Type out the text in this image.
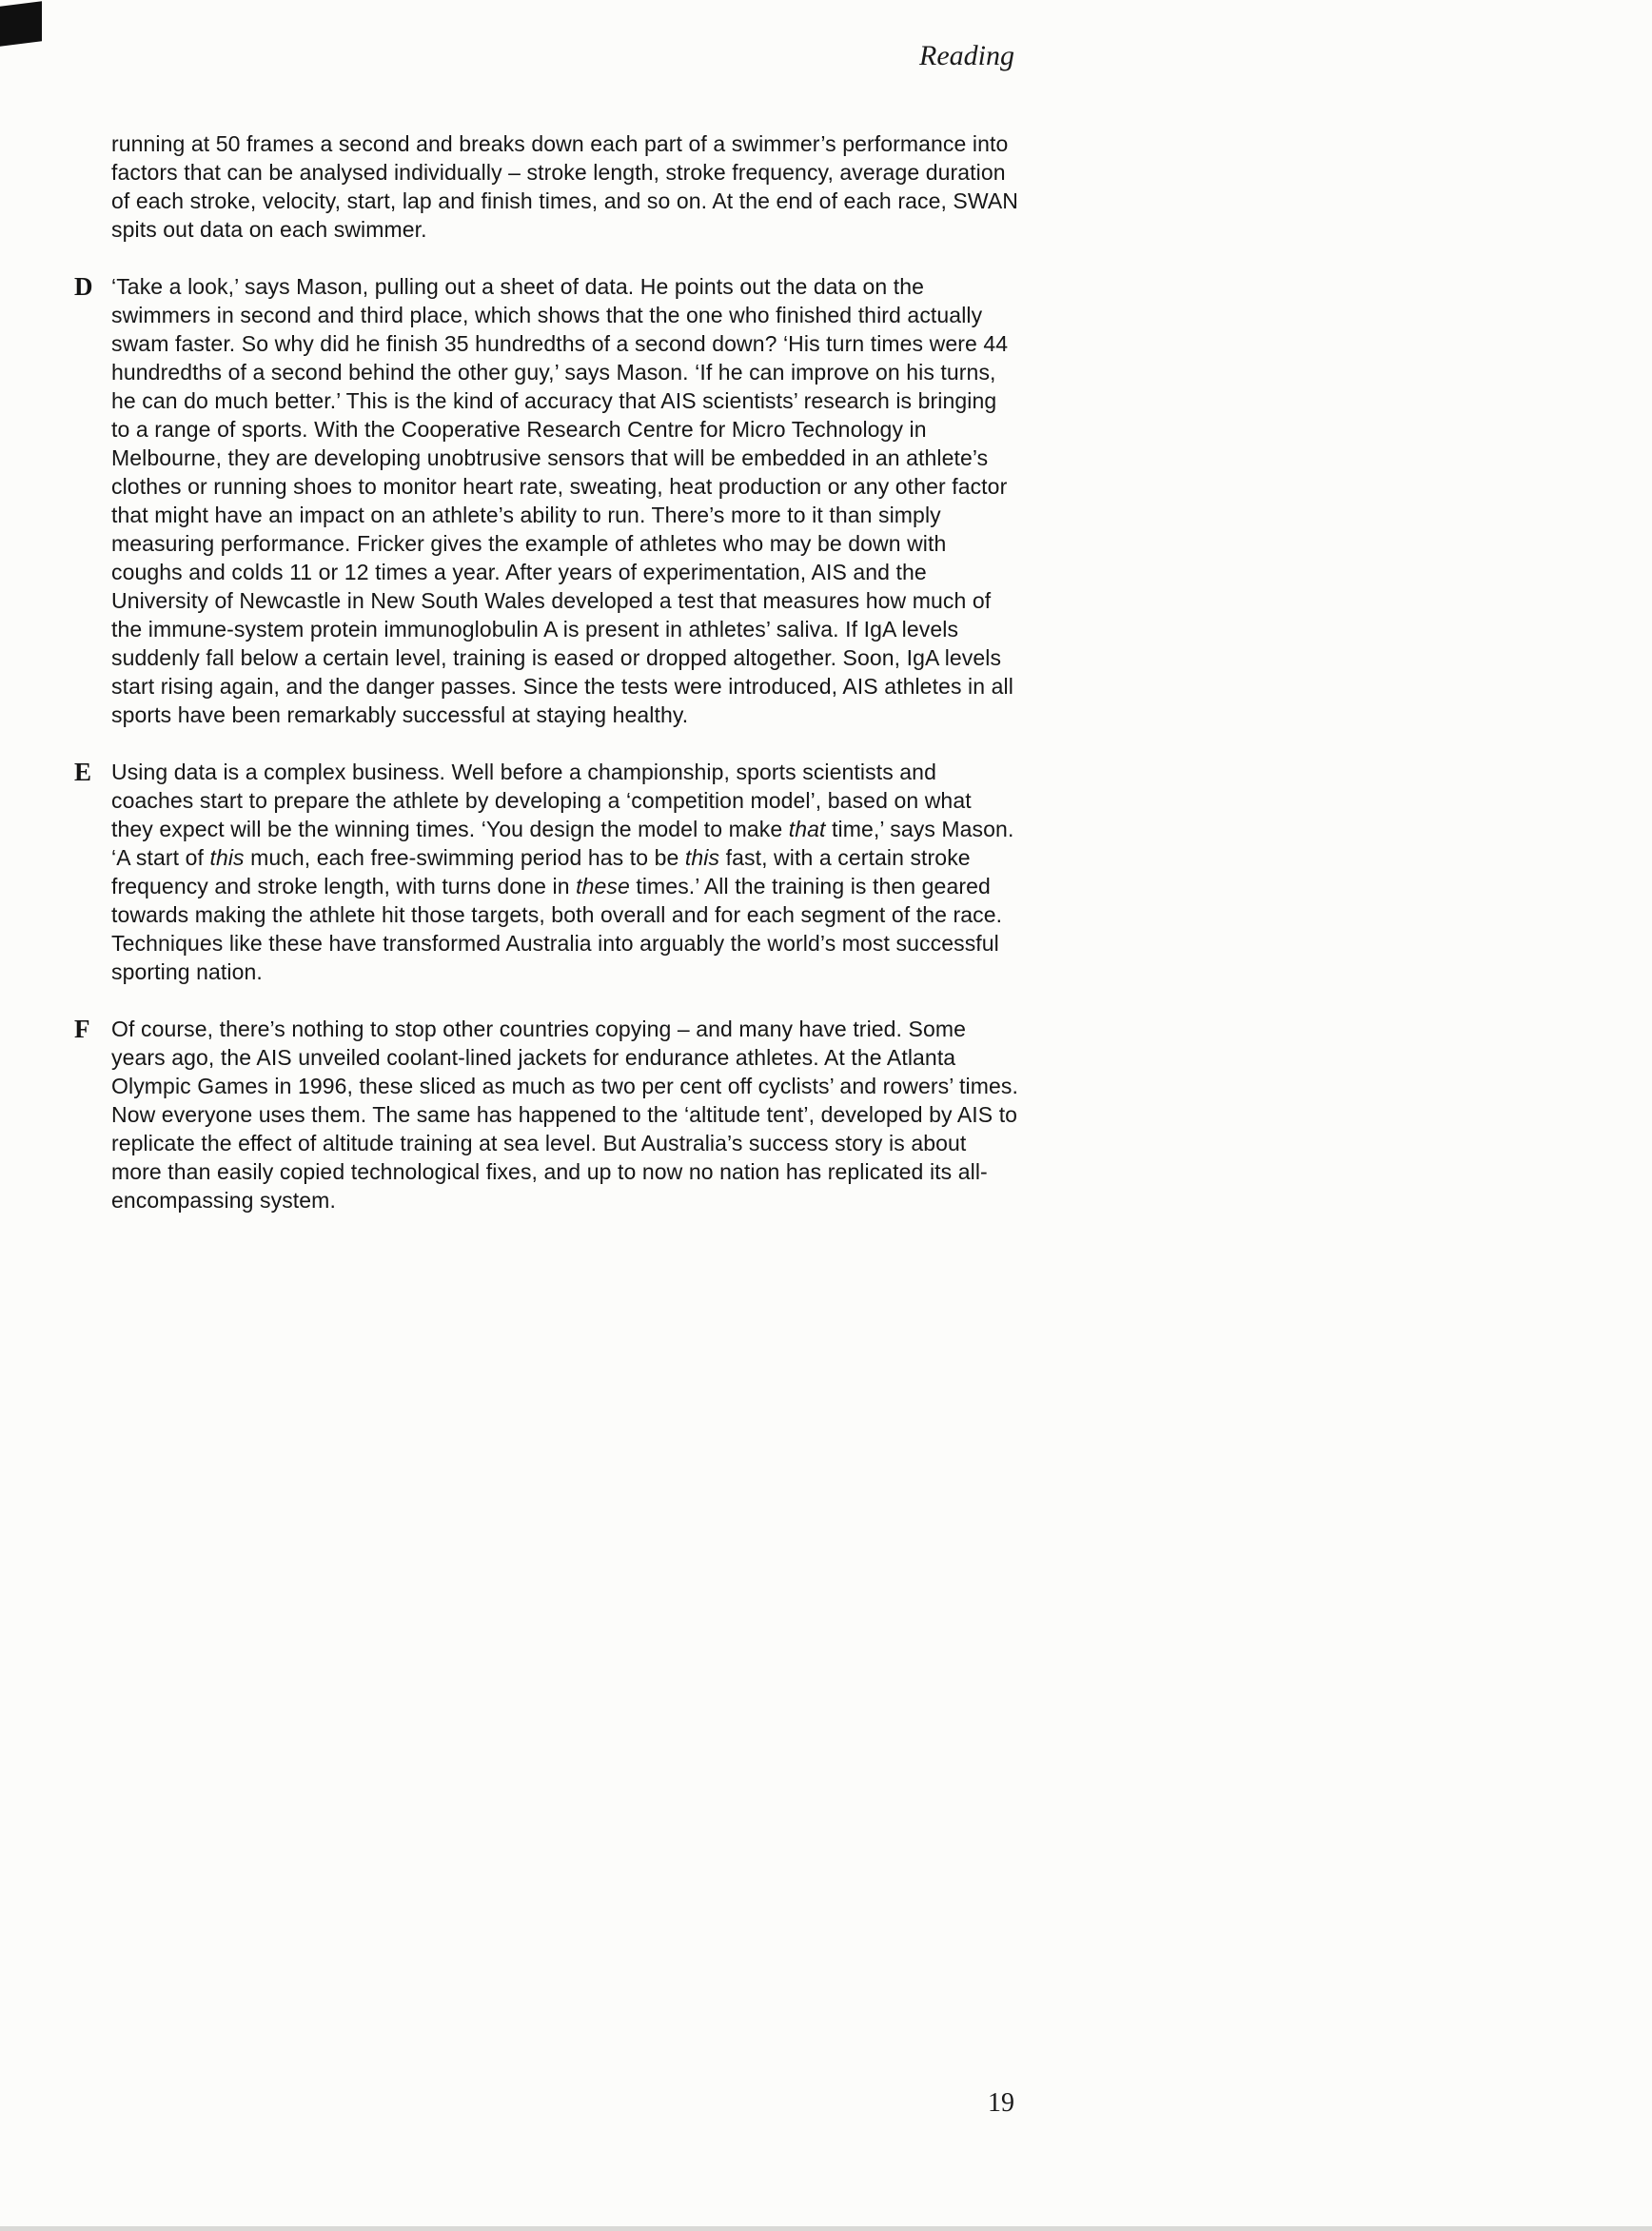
Reading
running at 50 frames a second and breaks down each part of a swimmer’s performance into factors that can be analysed individually – stroke length, stroke frequency, average duration of each stroke, velocity, start, lap and finish times, and so on. At the end of each race, SWAN spits out data on each swimmer.
D ‘Take a look,’ says Mason, pulling out a sheet of data. He points out the data on the swimmers in second and third place, which shows that the one who finished third actually swam faster. So why did he finish 35 hundredths of a second down? ‘His turn times were 44 hundredths of a second behind the other guy,’ says Mason. ‘If he can improve on his turns, he can do much better.’ This is the kind of accuracy that AIS scientists’ research is bringing to a range of sports. With the Cooperative Research Centre for Micro Technology in Melbourne, they are developing unobtrusive sensors that will be embedded in an athlete’s clothes or running shoes to monitor heart rate, sweating, heat production or any other factor that might have an impact on an athlete’s ability to run. There’s more to it than simply measuring performance. Fricker gives the example of athletes who may be down with coughs and colds 11 or 12 times a year. After years of experimentation, AIS and the University of Newcastle in New South Wales developed a test that measures how much of the immune-system protein immunoglobulin A is present in athletes’ saliva. If IgA levels suddenly fall below a certain level, training is eased or dropped altogether. Soon, IgA levels start rising again, and the danger passes. Since the tests were introduced, AIS athletes in all sports have been remarkably successful at staying healthy.
E Using data is a complex business. Well before a championship, sports scientists and coaches start to prepare the athlete by developing a ‘competition model’, based on what they expect will be the winning times. ‘You design the model to make that time,’ says Mason. ‘A start of this much, each free-swimming period has to be this fast, with a certain stroke frequency and stroke length, with turns done in these times.’ All the training is then geared towards making the athlete hit those targets, both overall and for each segment of the race. Techniques like these have transformed Australia into arguably the world’s most successful sporting nation.
F Of course, there’s nothing to stop other countries copying – and many have tried. Some years ago, the AIS unveiled coolant-lined jackets for endurance athletes. At the Atlanta Olympic Games in 1996, these sliced as much as two per cent off cyclists’ and rowers’ times. Now everyone uses them. The same has happened to the ‘altitude tent’, developed by AIS to replicate the effect of altitude training at sea level. But Australia’s success story is about more than easily copied technological fixes, and up to now no nation has replicated its all-encompassing system.
19
